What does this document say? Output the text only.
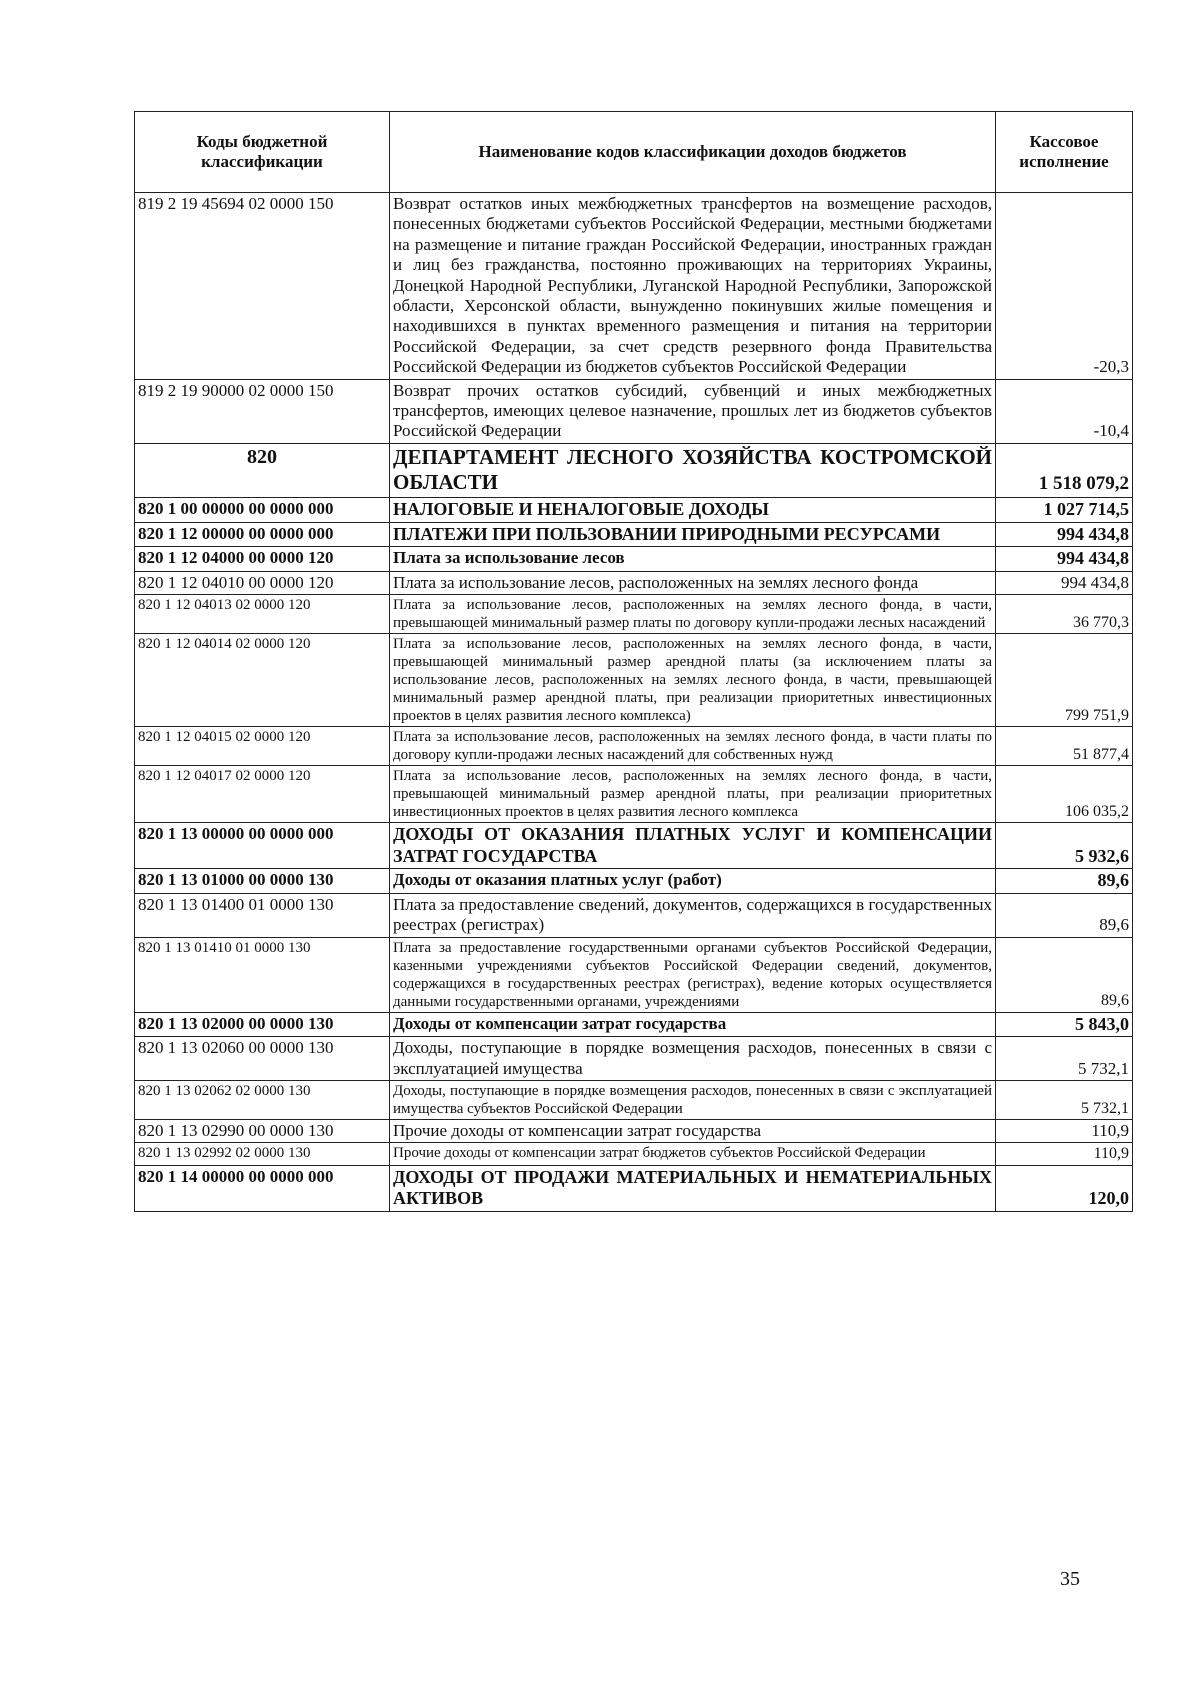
Коды бюджетной классификации	Наименование кодов классификации доходов бюджетов	Кассовое исполнение
819 2 19 45694 02 0000 150	Возврат остатков иных межбюджетных трансфертов на возмещение расходов, понесенных бюджетами субъектов Российской Федерации, местными бюджетами на размещение и питание граждан Российской Федерации, иностранных граждан и лиц без гражданства, постоянно проживающих на территориях Украины, Донецкой Народной Республики, Луганской Народной Республики, Запорожской области, Херсонской области, вынужденно покинувших жилые помещения и находившихся в пунктах временного размещения и питания на территории Российской Федерации, за счет средств резервного фонда Правительства Российской Федерации из бюджетов субъектов Российской Федерации	-20,3
819 2 19 90000 02 0000 150	Возврат прочих остатков субсидий, субвенций и иных межбюджетных трансфертов, имеющих целевое назначение, прошлых лет из бюджетов субъектов Российской Федерации	-10,4
820	ДЕПАРТАМЕНТ ЛЕСНОГО ХОЗЯЙСТВА КОСТРОМСКОЙ ОБЛАСТИ	1 518 079,2
820 1 00 00000 00 0000 000	НАЛОГОВЫЕ И НЕНАЛОГОВЫЕ ДОХОДЫ	1 027 714,5
820 1 12 00000 00 0000 000	ПЛАТЕЖИ ПРИ ПОЛЬЗОВАНИИ ПРИРОДНЫМИ РЕСУРСАМИ	994 434,8
820 1 12 04000 00 0000 120	Плата за использование лесов	994 434,8
820 1 12 04010 00 0000 120	Плата за использование лесов, расположенных на землях лесного фонда	994 434,8
820 1 12 04013 02 0000 120	Плата за использование лесов, расположенных на землях лесного фонда, в части, превышающей минимальный размер платы по договору купли-продажи лесных насаждений	36 770,3
820 1 12 04014 02 0000 120	Плата за использование лесов, расположенных на землях лесного фонда, в части, превышающей минимальный размер арендной платы (за исключением платы за использование лесов, расположенных на землях лесного фонда, в части, превышающей минимальный размер арендной платы, при реализации приоритетных инвестиционных проектов в целях развития лесного комплекса)	799 751,9
820 1 12 04015 02 0000 120	Плата за использование лесов, расположенных на землях лесного фонда, в части платы по договору купли-продажи лесных насаждений для собственных нужд	51 877,4
820 1 12 04017 02 0000 120	Плата за использование лесов, расположенных на землях лесного фонда, в части, превышающей минимальный размер арендной платы, при реализации приоритетных инвестиционных проектов в целях развития лесного комплекса	106 035,2
820 1 13 00000 00 0000 000	ДОХОДЫ ОТ ОКАЗАНИЯ ПЛАТНЫХ УСЛУГ И КОМПЕНСАЦИИ ЗАТРАТ ГОСУДАРСТВА	5 932,6
820 1 13 01000 00 0000 130	Доходы от оказания платных услуг (работ)	89,6
820 1 13 01400 01 0000 130	Плата за предоставление сведений, документов, содержащихся в государственных реестрах (регистрах)	89,6
820 1 13 01410 01 0000 130	Плата за предоставление государственными органами субъектов Российской Федерации, казенными учреждениями субъектов Российской Федерации сведений, документов, содержащихся в государственных реестрах (регистрах), ведение которых осуществляется данными государственными органами, учреждениями	89,6
820 1 13 02000 00 0000 130	Доходы от компенсации затрат государства	5 843,0
820 1 13 02060 00 0000 130	Доходы, поступающие в порядке возмещения расходов, понесенных в связи с эксплуатацией имущества	5 732,1
820 1 13 02062 02 0000 130	Доходы, поступающие в порядке возмещения расходов, понесенных в связи с эксплуатацией имущества субъектов Российской Федерации	5 732,1
820 1 13 02990 00 0000 130	Прочие доходы от компенсации затрат государства	110,9
820 1 13 02992 02 0000 130	Прочие доходы от компенсации затрат бюджетов субъектов Российской Федерации	110,9
820 1 14 00000 00 0000 000	ДОХОДЫ ОТ ПРОДАЖИ МАТЕРИАЛЬНЫХ И НЕМАТЕРИАЛЬНЫХ АКТИВОВ	120,0
35
